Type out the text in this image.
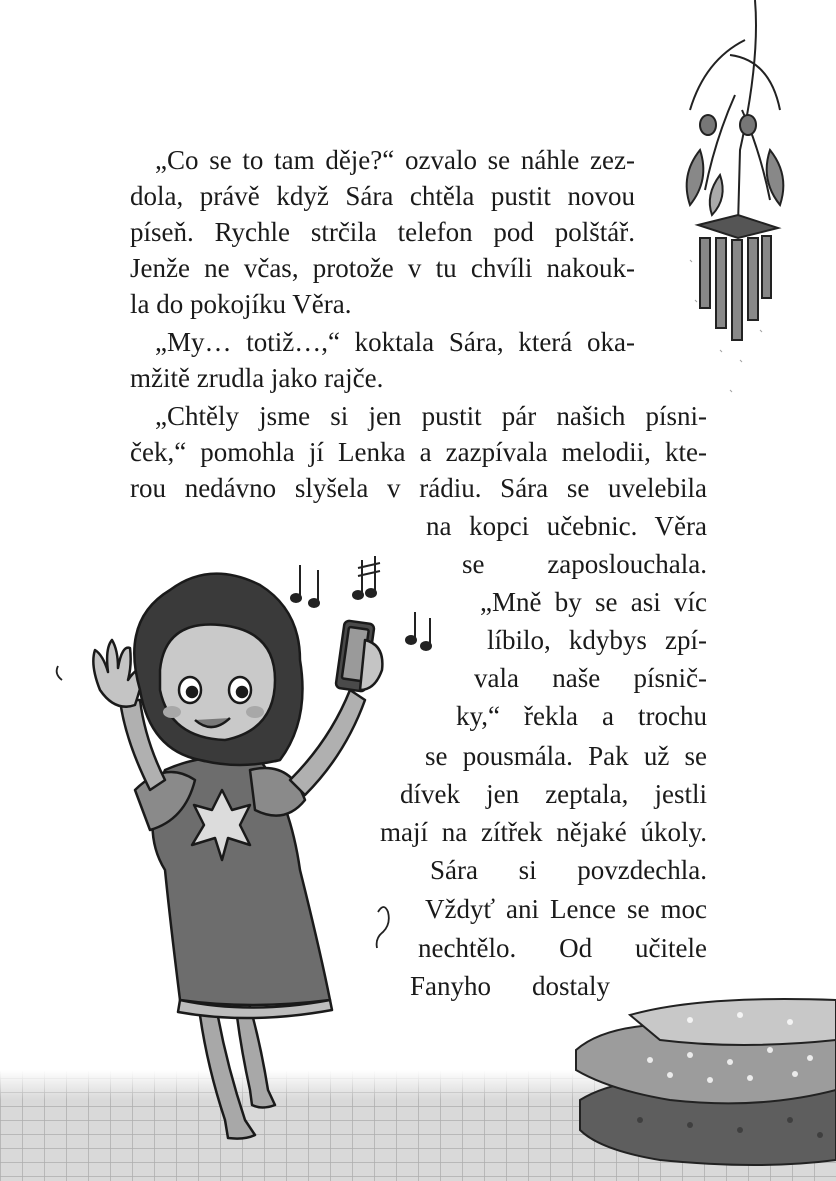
„Co se to tam děje?“ ozvalo se náhle zez-
dola, právě když Sára chtěla pustit novou
píseň. Rychle strčila telefon pod polštář.
Jenže ne včas, protože v tu chvíli nakouk-
la do pokojíku Věra.
„My… totiž…,“ koktala Sára, která oka-
mžitě zrudla jako rajče.
„Chtěly jsme si jen pustit pár našich písni-
ček,“ pomohla jí Lenka a zazpívala melodii, kte-
rou nedávno slyšela v rádiu. Sára se uvelebila
na kopci učebnic. Věra
se zaposlouchala.
„Mně by se asi víc
líbilo, kdybys zpí-
vala naše písnič-
ky,“ řekla a trochu
se pousmála. Pak už se
dívek jen zeptala, jestli
mají na zítřek nějaké úkoly.
Sára si povzdechla.
Vždyť ani Lence se moc
nechtělo. Od učitele
Fanyho dostaly
